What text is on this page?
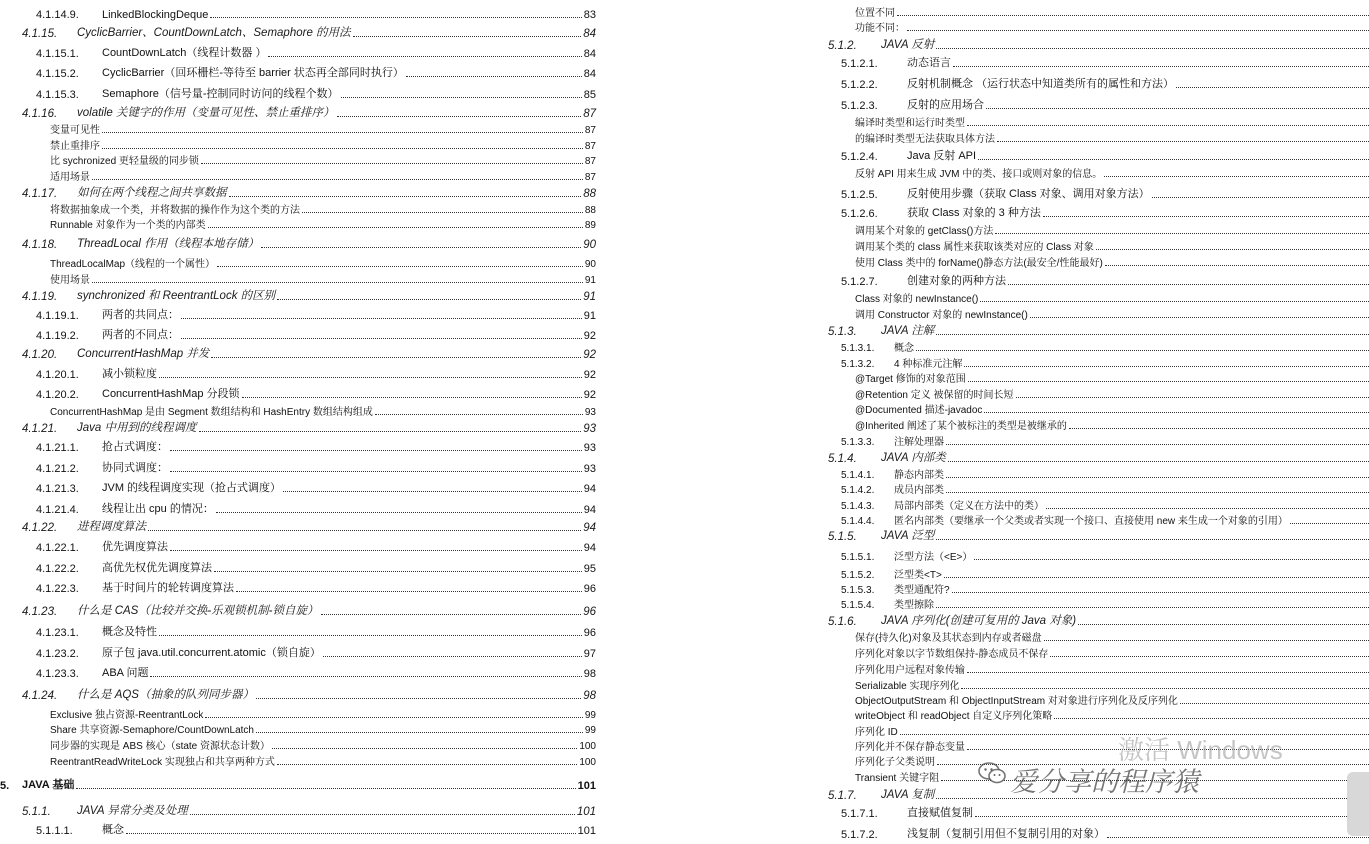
4.1.14.9. LinkedBlockingDeque	83
4.1.15. CyclicBarrier、CountDownLatch、Semaphore 的用法	84
4.1.15.1. CountDownLatch（线程计数器 ）	84
4.1.15.2. CyclicBarrier（回环栅栏-等待至 barrier 状态再全部同时执行）	84
4.1.15.3. Semaphore（信号量-控制同时访问的线程个数）	85
4.1.16. volatile 关键字的作用（变量可见性、禁止重排序）	87
变量可见性	87
禁止重排序	87
比 sychronized 更轻量级的同步锁	87
适用场景	87
4.1.17. 如何在两个线程之间共享数据	88
将数据抽象成一个类，并将数据的操作作为这个类的方法	88
Runnable 对象作为一个类的内部类	89
4.1.18. ThreadLocal 作用（线程本地存储）	90
ThreadLocalMap（线程的一个属性）	90
使用场景	91
4.1.19. synchronized 和 ReentrantLock 的区别	91
4.1.19.1. 两者的共同点：	91
4.1.19.2. 两者的不同点：	92
4.1.20. ConcurrentHashMap 并发	92
4.1.20.1. 减小锁粒度	92
4.1.20.2. ConcurrentHashMap 分段锁	92
ConcurrentHashMap 是由 Segment 数组结构和 HashEntry 数组结构组成	93
4.1.21. Java 中用到的线程调度	93
4.1.21.1. 抢占式调度：	93
4.1.21.2. 协同式调度：	93
4.1.21.3. JVM 的线程调度实现（抢占式调度）	94
4.1.21.4. 线程让出 cpu 的情况：	94
4.1.22. 进程调度算法	94
4.1.22.1. 优先调度算法	94
4.1.22.2. 高优先权优先调度算法	95
4.1.22.3. 基于时间片的轮转调度算法	96
4.1.23. 什么是 CAS（比较并交换-乐观锁机制-锁自旋）	96
4.1.23.1. 概念及特性	96
4.1.23.2. 原子包 java.util.concurrent.atomic（锁自旋）	97
4.1.23.3. ABA 问题	98
4.1.24. 什么是 AQS（抽象的队列同步器）	98
Exclusive 独占资源-ReentrantLock	99
Share 共享资源-Semaphore/CountDownLatch	99
同步器的实现是 ABS 核心（state 资源状态计数）	100
ReentrantReadWriteLock 实现独占和共享两种方式	100
5. JAVA 基础	101
5.1.1. JAVA 异常分类及处理	101
5.1.1.1.	概念	101
位置不同
功能不同：
5.1.2. JAVA 反射
5.1.2.1.	动态语言
5.1.2.2.	反射机制概念 （运行状态中知道类所有的属性和方法）
5.1.2.3.	反射的应用场合
编译时类型和运行时类型
的编译时类型无法获取具体方法
5.1.2.4.	Java 反射 API
反射 API 用来生成 JVM 中的类、接口或则对象的信息。
5.1.2.5.	反射使用步骤（获取 Class 对象、调用对象方法）
5.1.2.6.	获取 Class 对象的 3 种方法
调用某个对象的 getClass()方法
调用某个类的 class 属性来获取该类对应的 Class 对象
使用 Class 类中的 forName()静态方法(最安全/性能最好)
5.1.2.7.	创建对象的两种方法
Class 对象的 newInstance()
调用 Constructor 对象的 newInstance()
5.1.3. JAVA 注解
5.1.3.1. 概念
5.1.3.2. 4 种标准元注解
@Target 修饰的对象范围
@Retention 定义 被保留的时间长短
@Documented 描述-javadoc
@Inherited 阐述了某个被标注的类型是被继承的
5.1.3.3. 注解处理器
5.1.4. JAVA 内部类
5.1.4.1. 静态内部类
5.1.4.2. 成员内部类
5.1.4.3. 局部内部类（定义在方法中的类）
5.1.4.4. 匿名内部类（要继承一个父类或者实现一个接口、直接使用 new 来生成一个对象的引用）
5.1.5. JAVA 泛型
5.1.5.1. 泛型方法（<E>）
5.1.5.2. 泛型类<T>
5.1.5.3. 类型通配符?
5.1.5.4. 类型擦除
5.1.6. JAVA 序列化(创建可复用的 Java 对象)
保存(持久化)对象及其状态到内存或者磁盘
序列化对象以字节数组保持-静态成员不保存
序列化用户远程对象传输
Serializable 实现序列化
ObjectOutputStream 和 ObjectInputStream 对对象进行序列化及反序列化
writeObject 和 readObject 自定义序列化策略
序列化 ID
序列化并不保存静态变量
序列化子父类说明
Transient 关键字阻
5.1.7. JAVA 复制
5.1.7.1.	直接赋值复制
5.1.7.2.	浅复制（复制引用但不复制引用的对象）
激活 Windows
爱分享的程序猿
